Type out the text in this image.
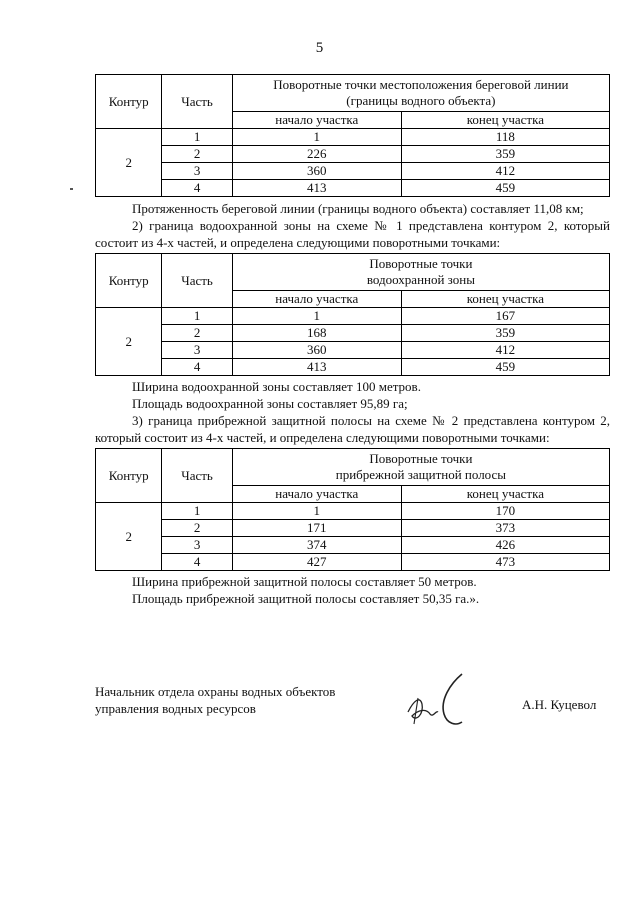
5
Контур	Часть	Поворотные точки местоположения береговой линии
(границы водного объекта)	

		начало участка	конец участка
2	1	1	118
	2	226	359
	3	360	412
	4	413	459

Протяженность береговой линии (границы водного объекта) составляет 11,08 км;

2) граница водоохранной зоны на схеме № 1 представлена контуром 2, который состоит из 4-х частей, и определена следующими поворотными точками:

Контур	Часть	Поворотные точки
водоохранной зоны	

		начало участка	конец участка
2	1	1	167
	2	168	359
	3	360	412
	4	413	459

Ширина водоохранной зоны составляет 100 метров.

Площадь водоохранной зоны составляет 95,89 га;

3) граница прибрежной защитной полосы на схеме № 2 представлена контуром 2, который состоит из 4-х частей, и определена следующими поворотными точками:

Контур	Часть	Поворотные точки
прибрежной защитной полосы	

		начало участка	конец участка
2	1	1	170
	2	171	373
	3	374	426
	4	427	473

Ширина прибрежной защитной полосы составляет 50 метров.

Площадь прибрежной защитной полосы составляет 50,35 га.».

Начальник отдела охраны водных объектов
управления водных ресурсов	А.Н. Куцевол
